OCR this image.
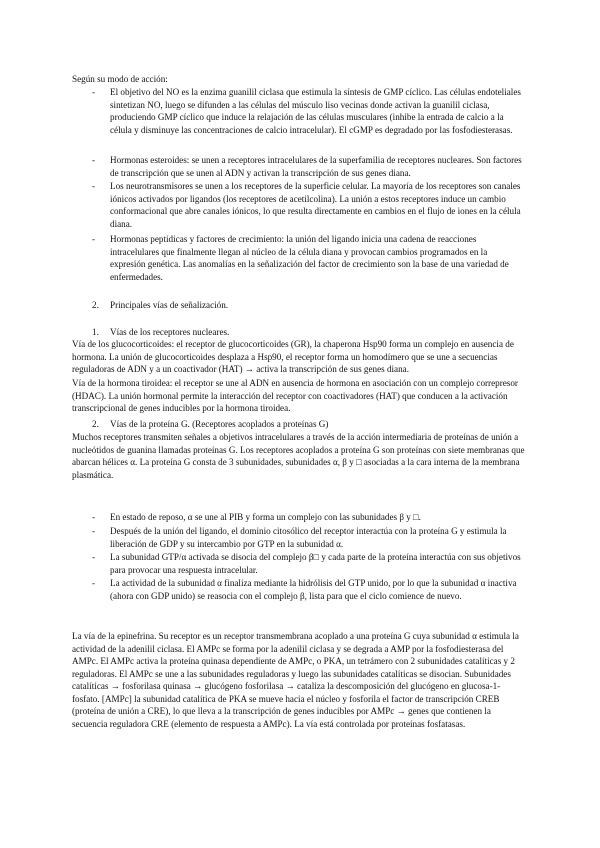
Según su modo de acción:

- El objetivo del NO es la enzima guanilil ciclasa que estimula la síntesis de GMP cíclico. Las células endoteliales sintetizan NO, luego se difunden a las células del músculo liso vecinas donde activan la guanilil ciclasa, produciendo GMP cíclico que induce la relajación de las células musculares (inhibe la entrada de calcio a la célula y disminuye las concentraciones de calcio intracelular). El cGMP es degradado por las fosfodiesterasas.

- Hormonas esteroides: se unen a receptores intracelulares de la superfamilia de receptores nucleares. Son factores de transcripción que se unen al ADN y activan la transcripción de sus genes diana.

- Los neurotransmisores se unen a los receptores de la superficie celular. La mayoría de los receptores son canales iónicos activados por ligandos (los receptores de acetilcolina). La unión a estos receptores induce un cambio conformacional que abre canales iónicos, lo que resulta directamente en cambios en el flujo de iones en la célula diana.

- Hormonas peptídicas y factores de crecimiento: la unión del ligando inicia una cadena de reacciones intracelulares que finalmente llegan al núcleo de la célula diana y provocan cambios programados en la expresión genética. Las anomalías en la señalización del factor de crecimiento son la base de una variedad de enfermedades.

2. Principales vías de señalización.

1. Vías de los receptores nucleares.

Vía de los glucocorticoides: el receptor de glucocorticoides (GR), la chaperona Hsp90 forma un complejo en ausencia de hormona. La unión de glucocorticoides desplaza a Hsp90, el receptor forma un homodímero que se une a secuencias reguladoras de ADN y a un coactivador (HAT) → activa la transcripción de sus genes diana.

Vía de la hormona tiroidea: el receptor se une al ADN en ausencia de hormona en asociación con un complejo correpresor (HDAC). La unión hormonal permite la interacción del receptor con coactivadores (HAT) que conducen a la activación transcripcional de genes inducibles por la hormona tiroidea.

2. Vías de la proteína G. (Receptores acoplados a proteínas G)

Muchos receptores transmiten señales a objetivos intracelulares a través de la acción intermediaria de proteínas de unión a nucleótidos de guanina llamadas proteínas G. Los receptores acoplados a proteína G son proteínas con siete membranas que abarcan hélices α. La proteína G consta de 3 subunidades, subunidades α, β y □ asociadas a la cara interna de la membrana plasmática.

- En estado de reposo, α se une al PIB y forma un complejo con las subunidades β y □.

- Después de la unión del ligando, el dominio citosólico del receptor interactúa con la proteína G y estimula la liberación de GDP y su intercambio por GTP en la subunidad α.

- La subunidad GTP/α activada se disocia del complejo β□ y cada parte de la proteína interactúa con sus objetivos para provocar una respuesta intracelular.

- La actividad de la subunidad α finaliza mediante la hidrólisis del GTP unido, por lo que la subunidad α inactiva (ahora con GDP unido) se reasocia con el complejo β, lista para que el ciclo comience de nuevo.

La vía de la epinefrina. Su receptor es un receptor transmembrana acoplado a una proteína G cuya subunidad α estimula la actividad de la adenilil ciclasa. El AMPc se forma por la adenilil ciclasa y se degrada a AMP por la fosfodiesterasa del AMPc. El AMPc activa la proteína quinasa dependiente de AMPc, o PKA, un tetrámero con 2 subunidades catalíticas y 2 reguladoras. El AMPc se une a las subunidades reguladoras y luego las subunidades catalíticas se disocian. Subunidades catalíticas → fosforilasa quinasa → glucógeno fosforilasa → cataliza la descomposición del glucógeno en glucosa-1-fosfato. [AMPc] la subunidad catalítica de PKA se mueve hacia el núcleo y fosforila el factor de transcripción CREB (proteína de unión a CRE), lo que lleva a la transcripción de genes inducibles por AMPc → genes que contienen la secuencia reguladora CRE (elemento de respuesta a AMPc). La vía está controlada por proteínas fosfatasas.
